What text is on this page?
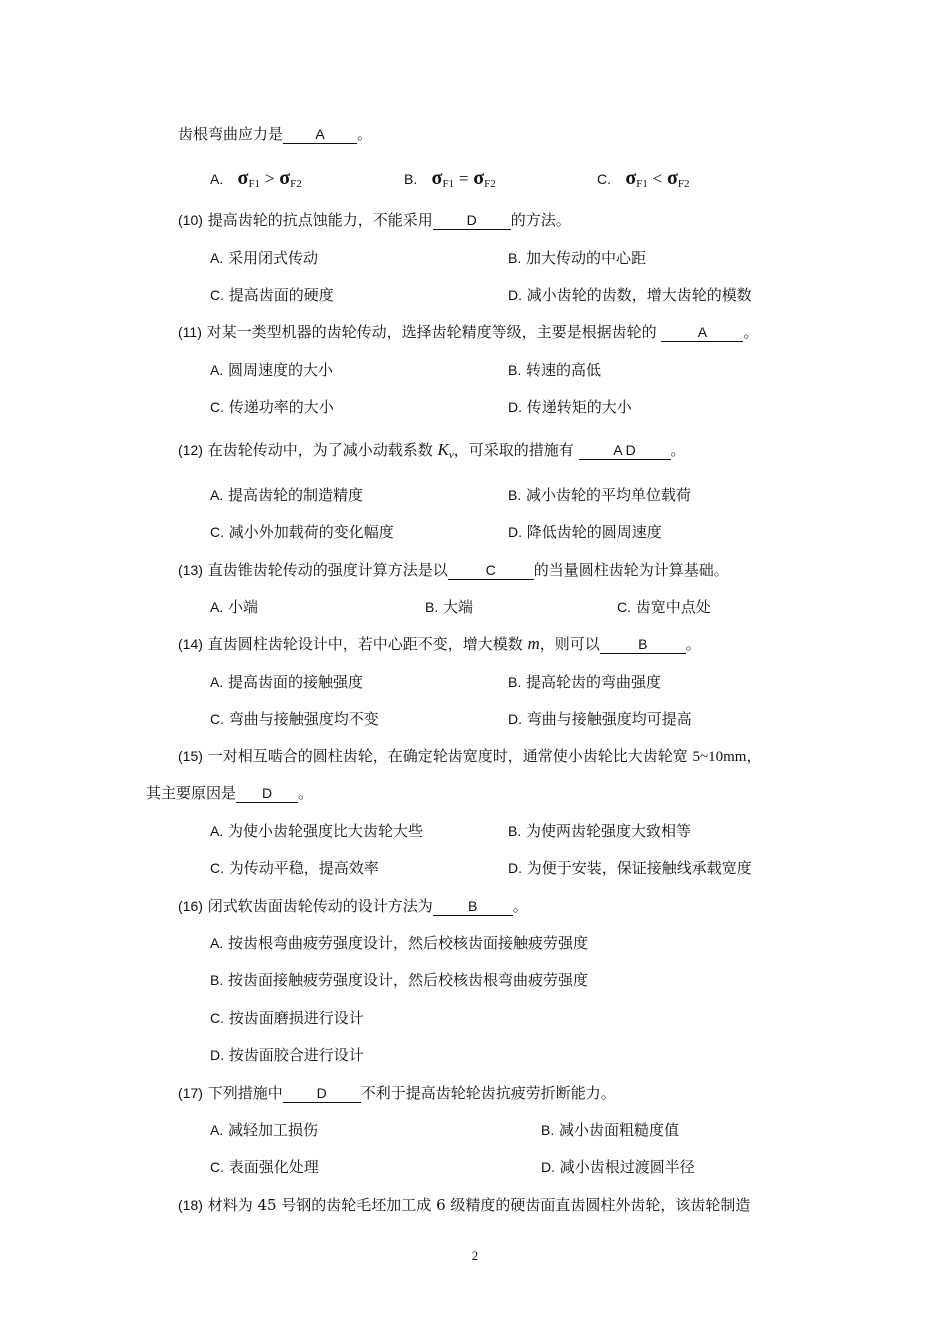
齿根弯曲应力是 A 。
A. $\sigma_{F1} > \sigma_{F2}$	B. $\sigma_{F1} = \sigma_{F2}$	C. $\sigma_{F1} < \sigma_{F2}$
(10) 提高齿轮的抗点蚀能力，不能采用 D 的方法。
A. 采用闭式传动	B. 加大传动的中心距
C. 提高齿面的硬度	D. 减小齿轮的齿数，增大齿轮的模数
(11) 对某一类型机器的齿轮传动，选择齿轮精度等级，主要是根据齿轮的	A 。
A. 圆周速度的大小	B. 转速的高低
C. 传递功率的大小	D. 传递转矩的大小
(12) 在齿轮传动中，为了减小动载系数 $K_v$，可采取的措施有	A D 。
A. 提高齿轮的制造精度	B. 减小齿轮的平均单位载荷
C. 减小外加载荷的变化幅度	D. 降低齿轮的圆周速度
(13) 直齿锥齿轮传动的强度计算方法是以	C	的当量圆柱齿轮为计算基础。
A. 小端	B. 大端	C. 齿宽中点处
(14) 直齿圆柱齿轮设计中，若中心距不变，增大模数 m，则可以	B	。
A. 提高齿面的接触强度	B. 提高轮齿的弯曲强度
C. 弯曲与接触强度均不变	D. 弯曲与接触强度均可提高
(15) 一对相互啮合的圆柱齿轮，在确定轮齿宽度时，通常使小齿轮比大齿轮宽 5~10mm，
其主要原因是 D 。
A. 为使小齿轮强度比大齿轮大些	B. 为使两齿轮强度大致相等
C. 为传动平稳，提高效率	D. 为便于安装，保证接触线承载宽度
(16) 闭式软齿面齿轮传动的设计方法为	B 。
A. 按齿根弯曲疲劳强度设计，然后校核齿面接触疲劳强度
B. 按齿面接触疲劳强度设计，然后校核齿根弯曲疲劳强度
C. 按齿面磨损进行设计
D. 按齿面胶合进行设计
(17) 下列措施中 D 不利于提高齿轮轮齿抗疲劳折断能力。
A. 减轻加工损伤	B. 减小齿面粗糙度值
C. 表面强化处理	D. 减小齿根过渡圆半径
(18) 材料为 45 号钢的齿轮毛坯加工成 6 级精度的硬齿面直齿圆柱外齿轮，该齿轮制造
2
